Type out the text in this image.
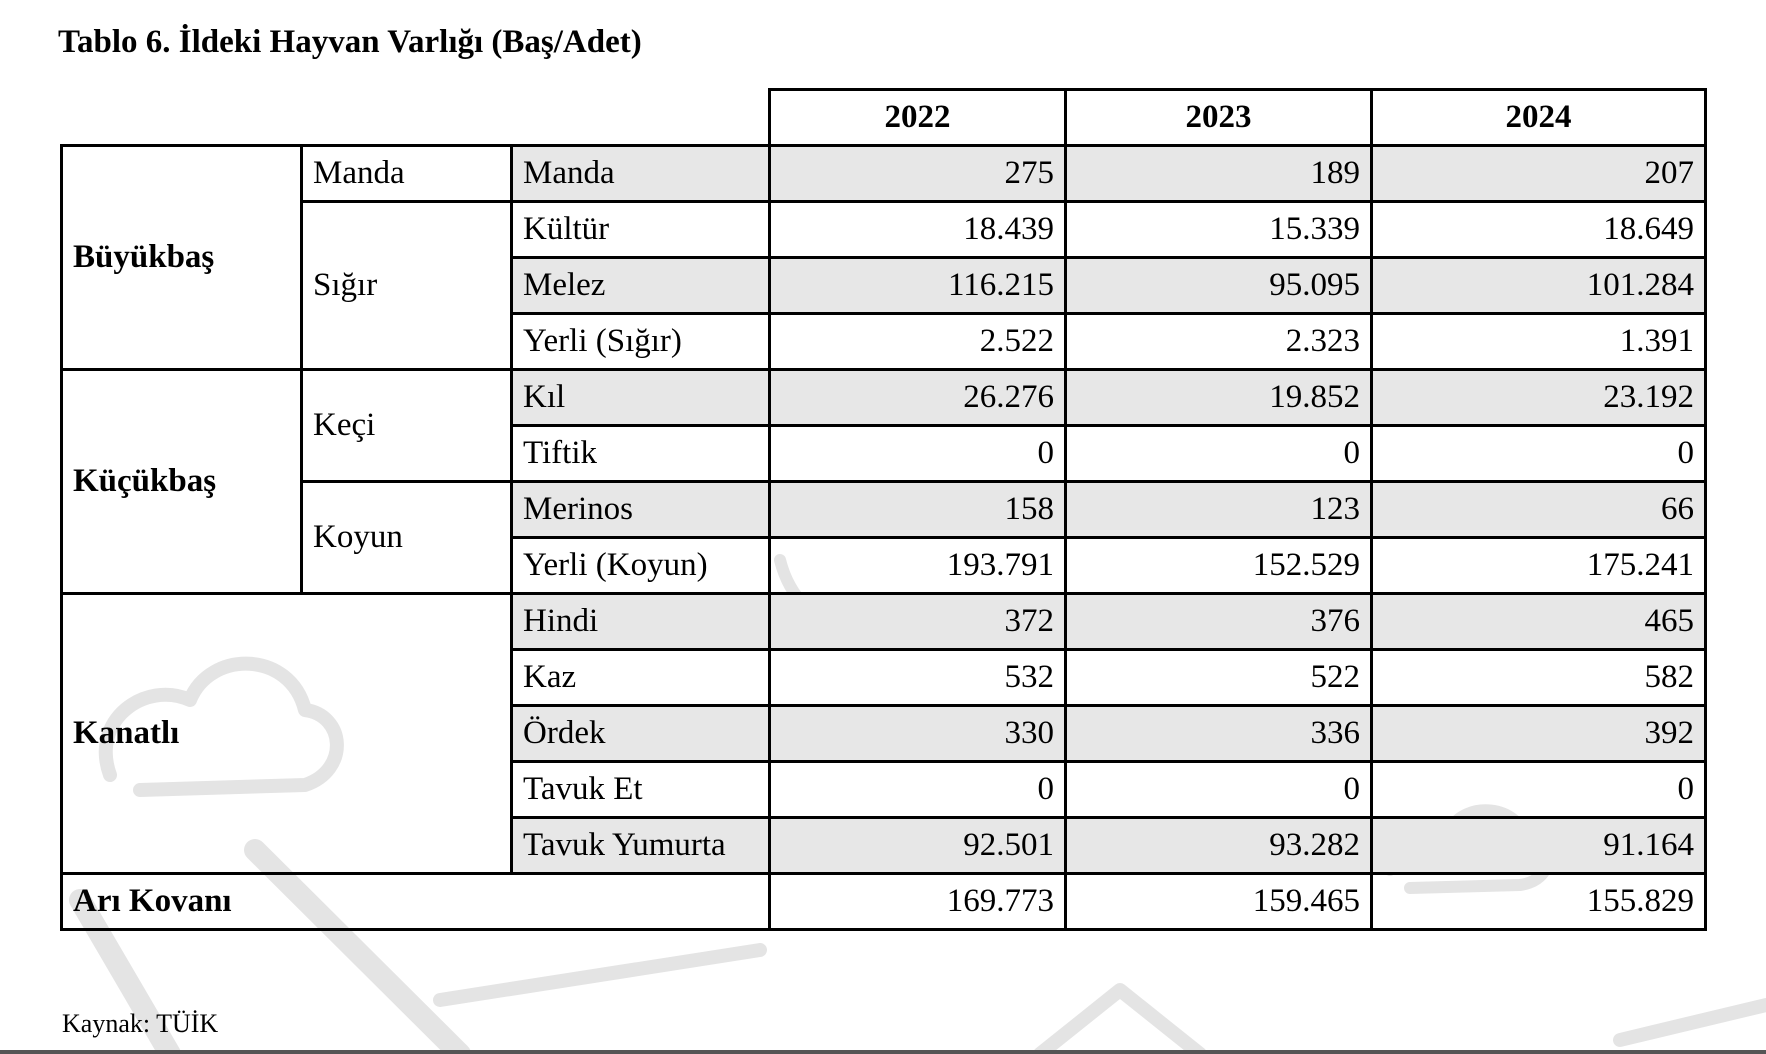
Tablo 6. İldeki Hayvan Varlığı (Baş/Adet)
			2022	2023	2024
Büyükbaş	Manda	Manda	275	189	207
	Sığır	Kültür	18.439	15.339	18.649
		Melez	116.215	95.095	101.284
		Yerli (Sığır)	2.522	2.323	1.391
Küçükbaş	Keçi	Kıl	26.276	19.852	23.192
		Tiftik	0	0	0
	Koyun	Merinos	158	123	66
		Yerli (Koyun)	193.791	152.529	175.241
Kanatlı		Hindi	372	376	465
		Kaz	532	522	582
		Ördek	330	336	392
		Tavuk Et	0	0	0
		Tavuk Yumurta	92.501	93.282	91.164
Arı Kovanı			169.773	159.465	155.829

Kaynak: TÜİK
